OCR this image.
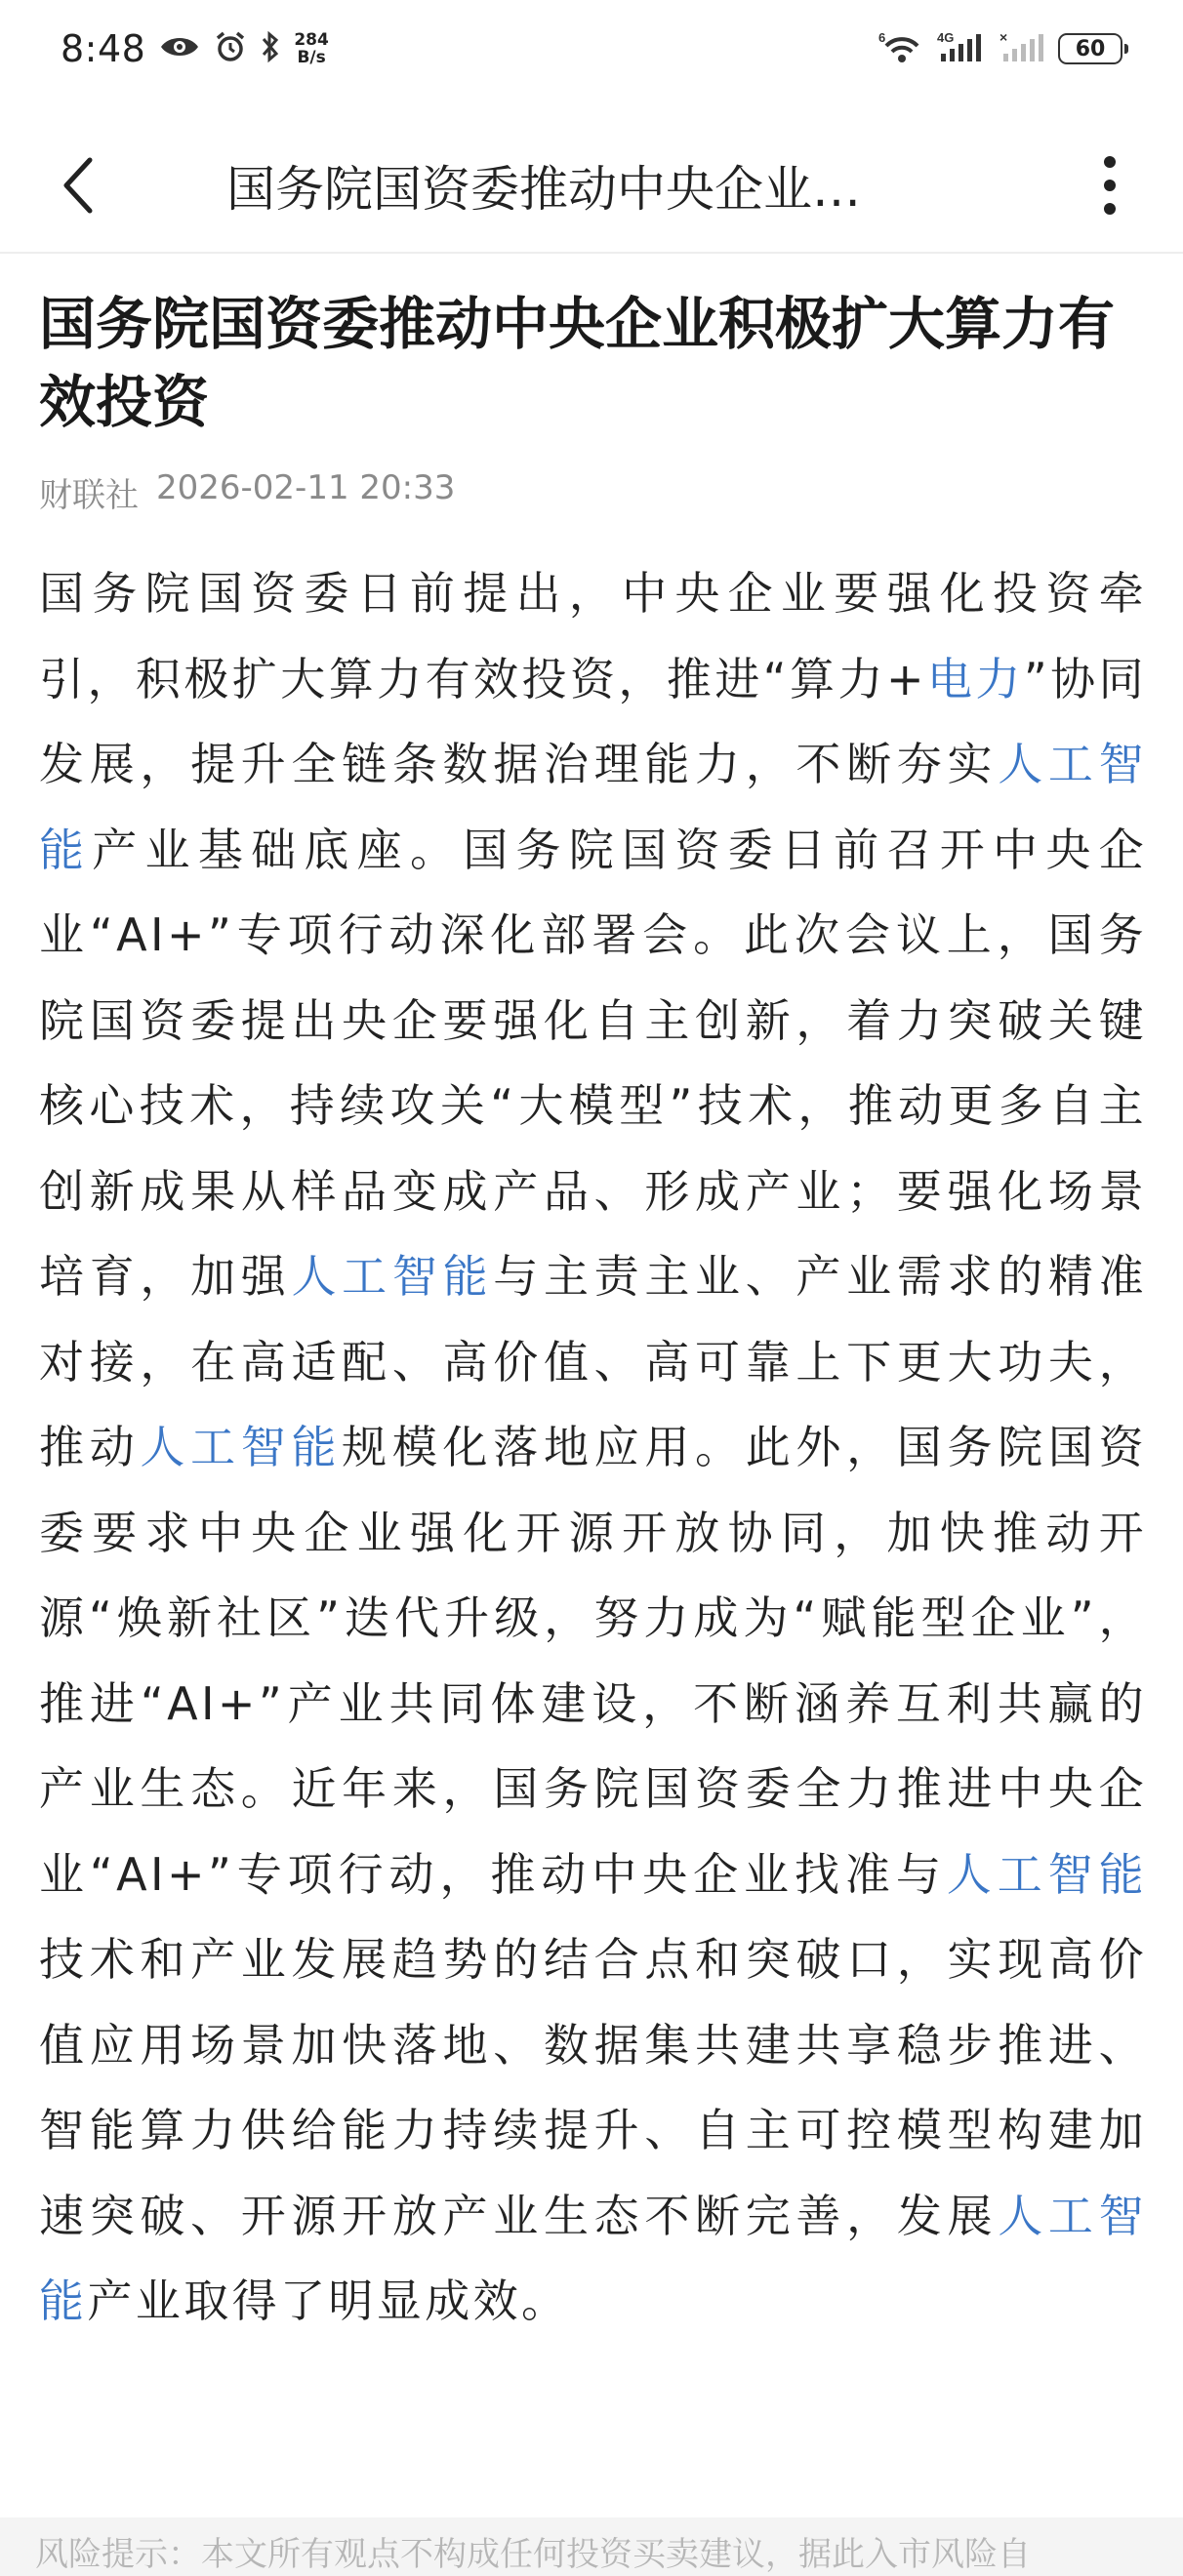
8:48	284
B/s
6	4G	×	60
国务院国资委推动中央企业…
国务院国资委推动中央企业积极扩大算力有效投资
财联社 2026-02-11 20:33
国务院国资委日前提出，中央企业要强化投资牵引，积极扩大算力有效投资，推进“算力+电力”协同发展，提升全链条数据治理能力，不断夯实人工智能产业基础底座。国务院国资委日前召开中央企业“AI+”专项行动深化部署会。此次会议上，国务院国资委提出央企要强化自主创新，着力突破关键核心技术，持续攻关“大模型”技术，推动更多自主创新成果从样品变成产品、形成产业；要强化场景培育，加强人工智能与主责主业、产业需求的精准对接，在高适配、高价值、高可靠上下更大功夫，推动人工智能规模化落地应用。此外，国务院国资委要求中央企业强化开源开放协同，加快推动开源“焕新社区”迭代升级，努力成为“赋能型企业”，推进“AI+”产业共同体建设，不断涵养互利共赢的产业生态。近年来，国务院国资委全力推进中央企业“AI+”专项行动，推动中央企业找准与人工智能技术和产业发展趋势的结合点和突破口，实现高价值应用场景加快落地、数据集共建共享稳步推进、智能算力供给能力持续提升、自主可控模型构建加速突破、开源开放产业生态不断完善，发展人工智能产业取得了明显成效。
风险提示：本文所有观点不构成任何投资买卖建议，据此入市风险自
